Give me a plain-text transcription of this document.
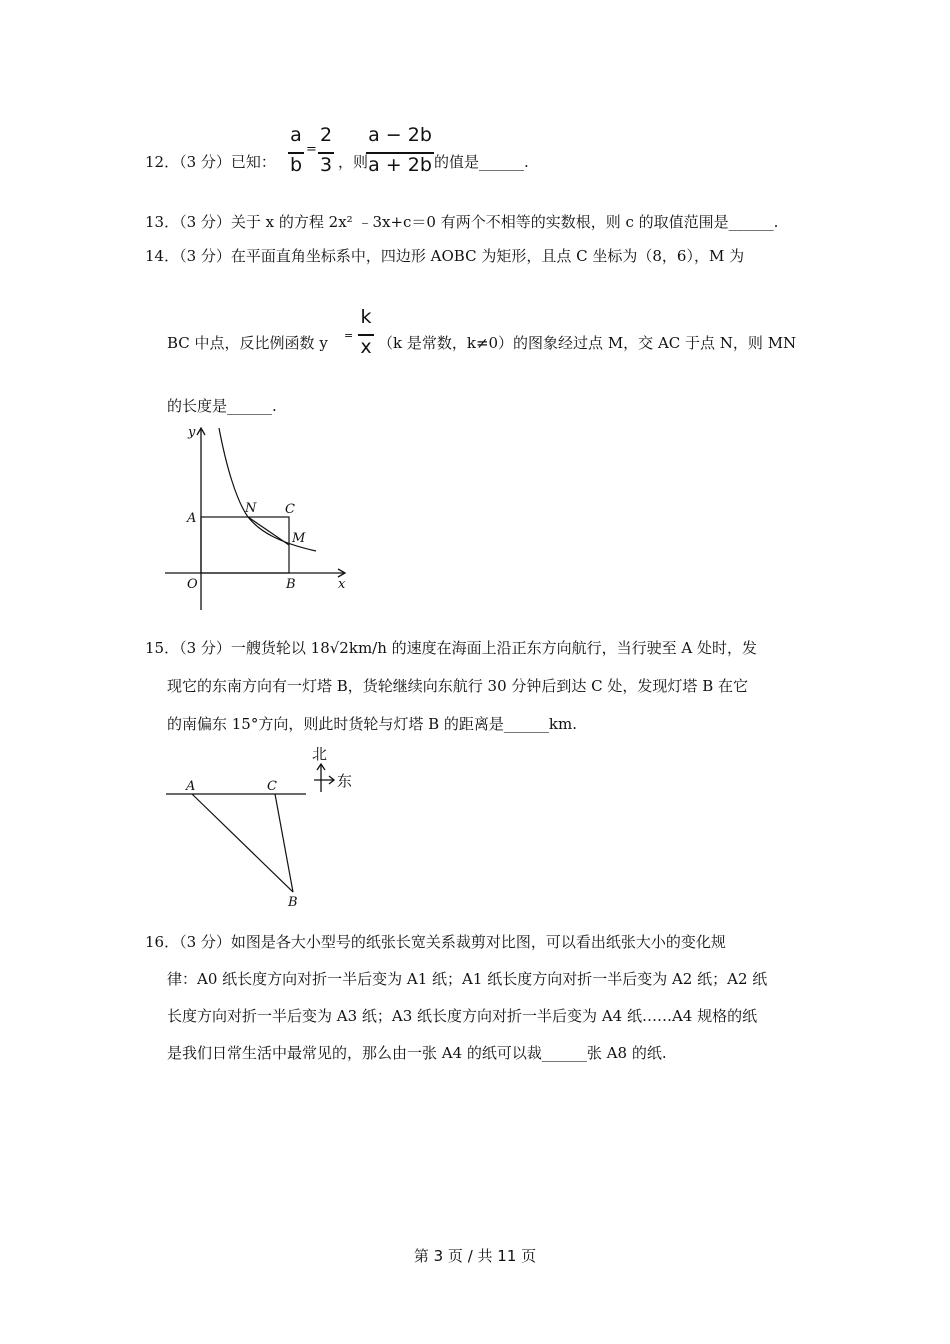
12．（3 分）已知：
a
b
=
2
3 ，则
a − 2b
a + 2b 的值是______.
13．（3 分）关于 x 的方程 2x² ﹣3x+c＝0 有两个不相等的实数根，则 c 的取值范围是______.
14．（3 分）在平面直角坐标系中，四边形 AOBC 为矩形，且点 C 坐标为（8，6），M 为
BC 中点，反比例函数 y =
k
x （k 是常数，k≠0）的图象经过点 M，交 AC 于点 N，则 MN
的长度是______.
y
x
A
O	B
C
N
M
15．（3 分）一艘货轮以 18√2km/h 的速度在海面上沿正东方向航行，当行驶至 A 处时，发
现它的东南方向有一灯塔 B，货轮继续向东航行 30 分钟后到达 C 处，发现灯塔 B 在它
的南偏东 15°方向，则此时货轮与灯塔 B 的距离是______km.
A	C
B
北
东
16．（3 分）如图是各大小型号的纸张长宽关系裁剪对比图，可以看出纸张大小的变化规
律：A0 纸长度方向对折一半后变为 A1 纸；A1 纸长度方向对折一半后变为 A2 纸；A2 纸
长度方向对折一半后变为 A3 纸；A3 纸长度方向对折一半后变为 A4 纸……A4 规格的纸
是我们日常生活中最常见的，那么由一张 A4 的纸可以裁______张 A8 的纸.
第 3 页 / 共 11 页
